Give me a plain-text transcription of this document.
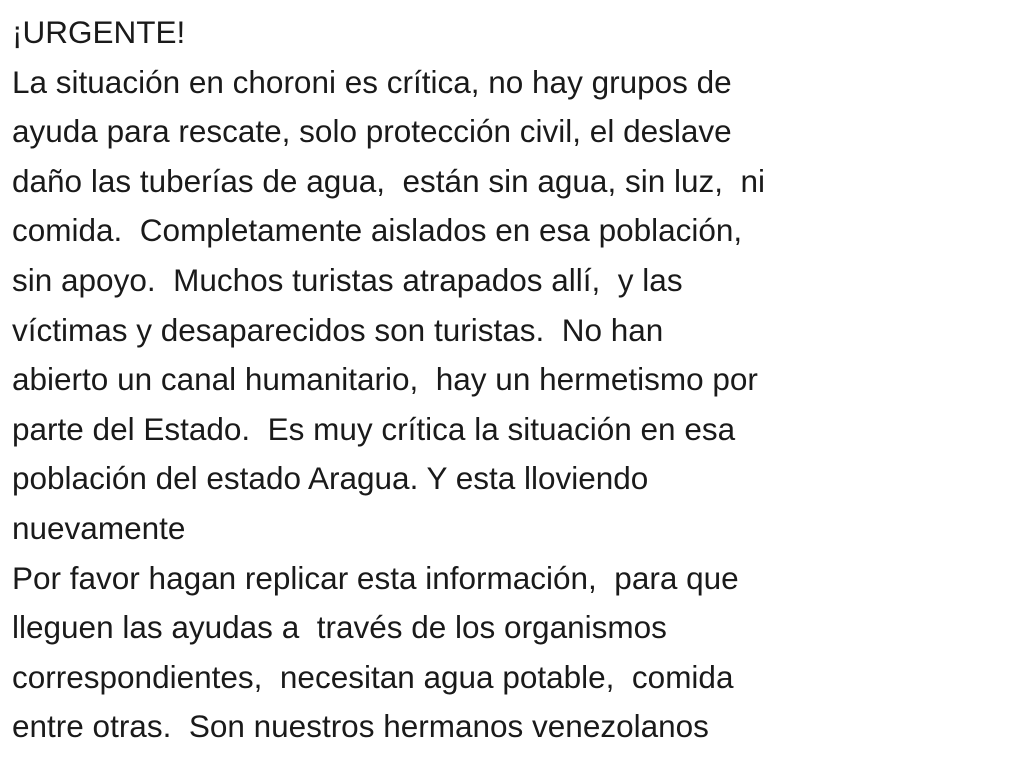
¡URGENTE!
La situación en choroni es crítica, no hay grupos de
ayuda para rescate, solo protección civil, el deslave
daño las tuberías de agua,  están sin agua, sin luz,  ni
comida.  Completamente aislados en esa población,
sin apoyo.  Muchos turistas atrapados allí,  y las
víctimas y desaparecidos son turistas.  No han
abierto un canal humanitario,  hay un hermetismo por
parte del Estado.  Es muy crítica la situación en esa
población del estado Aragua. Y esta lloviendo
nuevamente
Por favor hagan replicar esta información,  para que
lleguen las ayudas a  través de los organismos
correspondientes,  necesitan agua potable,  comida
entre otras.  Son nuestros hermanos venezolanos
